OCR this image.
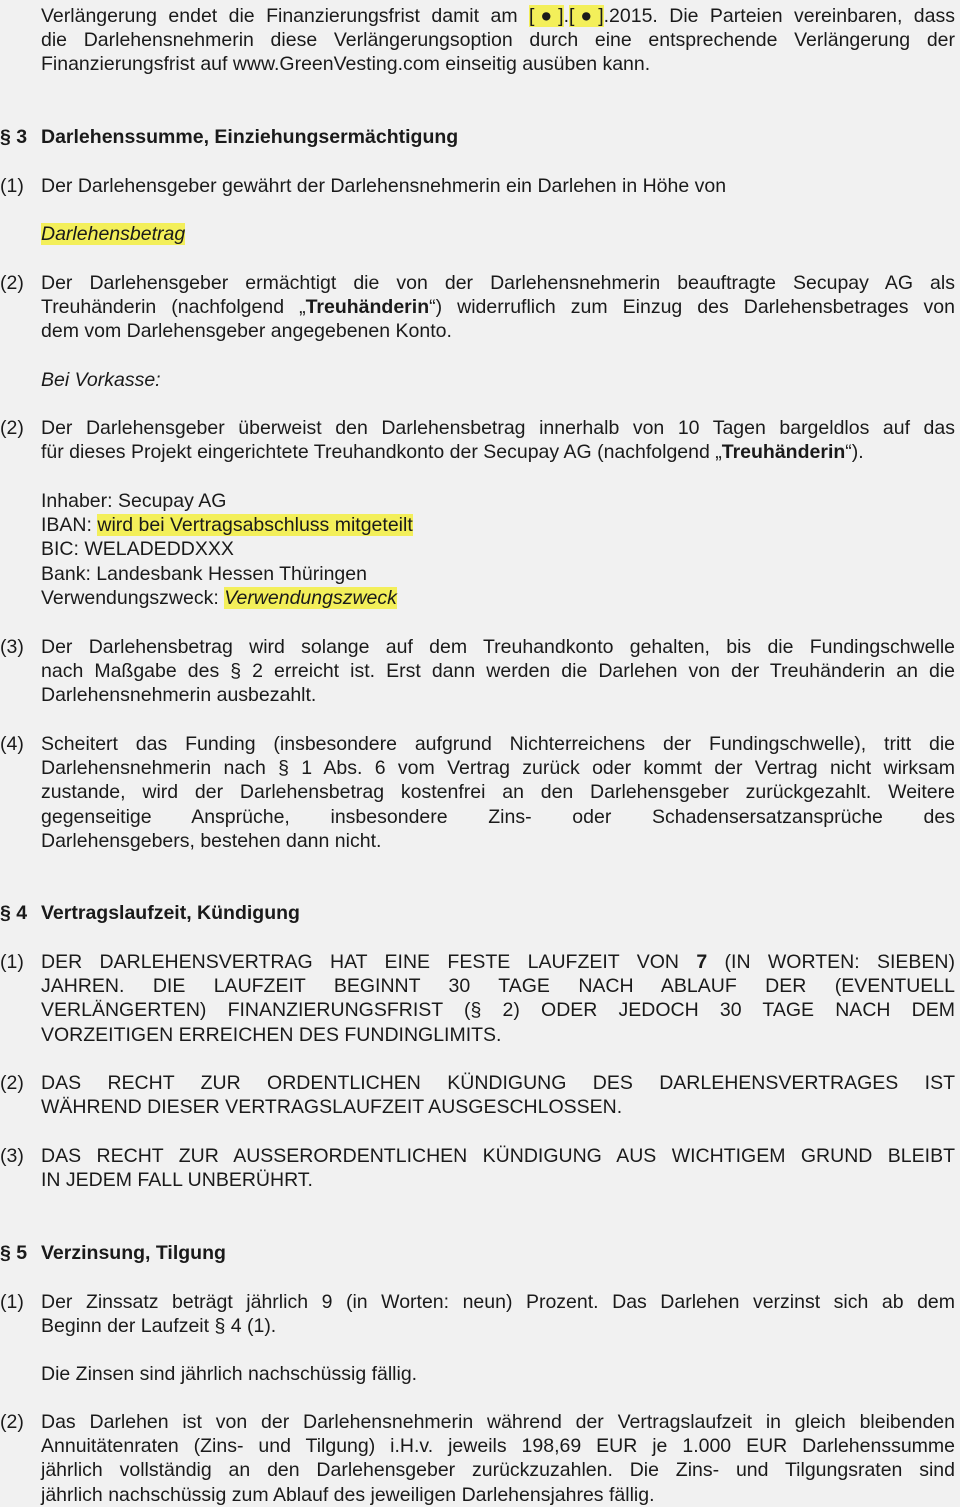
Verlängerung endet die Finanzierungsfrist damit am [●].[●].2015. Die Parteien vereinbaren, dass
die Darlehensnehmerin diese Verlängerungsoption durch eine entsprechende Verlängerung der
Finanzierungsfrist auf www.GreenVesting.com einseitig ausüben kann.
§ 3 Darlehenssumme, Einziehungsermächtigung
(1) Der Darlehensgeber gewährt der Darlehensnehmerin ein Darlehen in Höhe von
Darlehensbetrag
(2) Der Darlehensgeber ermächtigt die von der Darlehensnehmerin beauftragte Secupay AG als
Treuhänderin (nachfolgend „Treuhänderin“) widerruflich zum Einzug des Darlehensbetrages von
dem vom Darlehensgeber angegebenen Konto.
Bei Vorkasse:
(2) Der Darlehensgeber überweist den Darlehensbetrag innerhalb von 10 Tagen bargeldlos auf das
für dieses Projekt eingerichtete Treuhandkonto der Secupay AG (nachfolgend „Treuhänderin“).
Inhaber: Secupay AG
IBAN: wird bei Vertragsabschluss mitgeteilt
BIC: WELADEDDXXX
Bank: Landesbank Hessen Thüringen
Verwendungszweck: Verwendungszweck
(3) Der Darlehensbetrag wird solange auf dem Treuhandkonto gehalten, bis die Fundingschwelle
nach Maßgabe des § 2 erreicht ist. Erst dann werden die Darlehen von der Treuhänderin an die
Darlehensnehmerin ausbezahlt.
(4) Scheitert das Funding (insbesondere aufgrund Nichterreichens der Fundingschwelle), tritt die
Darlehensnehmerin nach § 1 Abs. 6 vom Vertrag zurück oder kommt der Vertrag nicht wirksam
zustande, wird der Darlehensbetrag kostenfrei an den Darlehensgeber zurückgezahlt. Weitere
gegenseitige Ansprüche, insbesondere Zins- oder Schadensersatzansprüche des
Darlehensgebers, bestehen dann nicht.
§ 4 Vertragslaufzeit, Kündigung
(1) DER DARLEHENSVERTRAG HAT EINE FESTE LAUFZEIT VON 7 (IN WORTEN: SIEBEN)
JAHREN. DIE LAUFZEIT BEGINNT 30 TAGE NACH ABLAUF DER (EVENTUELL
VERLÄNGERTEN) FINANZIERUNGSFRIST (§ 2) ODER JEDOCH 30 TAGE NACH DEM
VORZEITIGEN ERREICHEN DES FUNDINGLIMITS.
(2) DAS RECHT ZUR ORDENTLICHEN KÜNDIGUNG DES DARLEHENSVERTRAGES IST
WÄHREND DIESER VERTRAGSLAUFZEIT AUSGESCHLOSSEN.
(3) DAS RECHT ZUR AUSSERORDENTLICHEN KÜNDIGUNG AUS WICHTIGEM GRUND BLEIBT
IN JEDEM FALL UNBERÜHRT.
§ 5 Verzinsung, Tilgung
(1) Der Zinssatz beträgt jährlich 9 (in Worten: neun) Prozent. Das Darlehen verzinst sich ab dem
Beginn der Laufzeit § 4 (1).
Die Zinsen sind jährlich nachschüssig fällig.
(2) Das Darlehen ist von der Darlehensnehmerin während der Vertragslaufzeit in gleich bleibenden
Annuitätenraten (Zins- und Tilgung) i.H.v. jeweils 198,69 EUR je 1.000 EUR Darlehenssumme
jährlich vollständig an den Darlehensgeber zurückzuzahlen. Die Zins- und Tilgungsraten sind
jährlich nachschüssig zum Ablauf des jeweiligen Darlehensjahres fällig.
